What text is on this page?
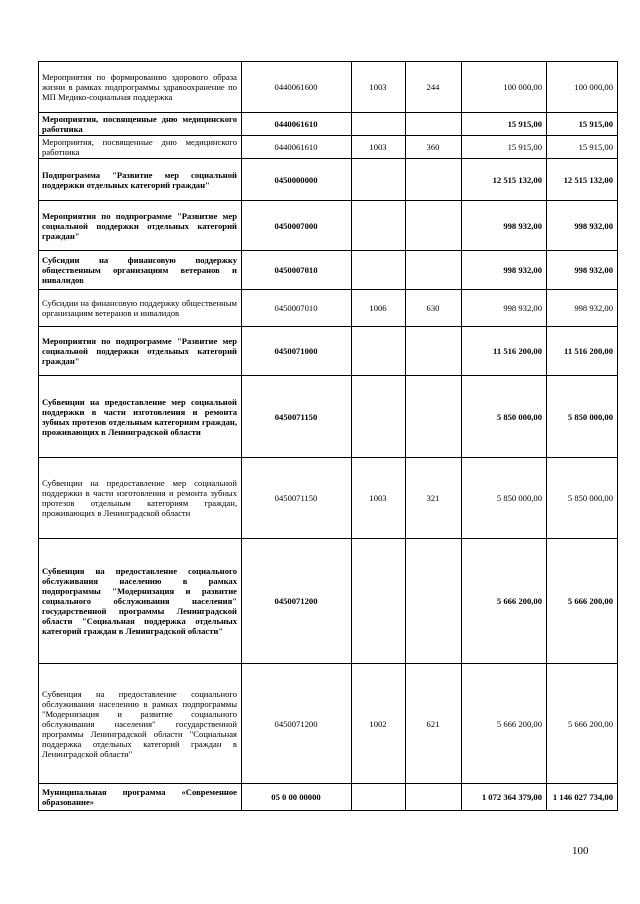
Мероприятия по формированию здорового образа жизни в рамках подпрограммы здравоохранение по МП Медико-социальная поддержка	0440061600	1003	244	100 000,00	100 000,00
Мероприятия, посвященные дню медицинского работника	0440061610			15 915,00	15 915,00
Мероприятия, посвященные дню медицинского работника	0440061610	1003	360	15 915,00	15 915,00
Подпрограмма "Развитие мер социальной поддержки отдельных категорий граждан"	0450000000			12 515 132,00	12 515 132,00
Мероприятия по подпрограмме "Развитие мер социальной поддержки отдельных категорий граждан"	0450007000			998 932,00	998 932,00
Субсидии на финансовую поддержку общественным организациям ветеранов и инвалидов	0450007010			998 932,00	998 932,00
Субсидии на финансовую поддержку общественным организациям ветеранов и инвалидов	0450007010	1006	630	998 932,00	998 932,00
Мероприятия по подпрограмме "Развитие мер социальной поддержки отдельных категорий граждан"	0450071000			11 516 200,00	11 516 200,00
Субвенции на предоставление мер социальной поддержки в части изготовления и ремонта зубных протезов отдельным категориям граждан, проживающих в Ленинградской области	0450071150			5 850 000,00	5 850 000,00
Субвенции на предоставление мер социальной поддержки в части изготовления и ремонта зубных протезов отдельным категориям граждан, проживающих в Ленинградской области	0450071150	1003	321	5 850 000,00	5 850 000,00
Субвенция на предоставление социального обслуживания населению в рамках подпрограммы "Модернизация и развитие социального обслуживания населения" государственной программы Ленинградской области "Социальная поддержка отдельных категорий граждан в Ленинградской области"	0450071200			5 666 200,00	5 666 200,00
Субвенция на предоставление социального обслуживания населению в рамках подпрограммы "Модернизация и развитие социального обслуживания населения" государственной программы Ленинградской области "Социальная поддержка отдельных категорий граждан в Ленинградской области"	0450071200	1002	621	5 666 200,00	5 666 200,00
Муниципальная программа «Современное образование»	05 0 00 00000			1 072 364 379,00	1 146 027 734,00
100
